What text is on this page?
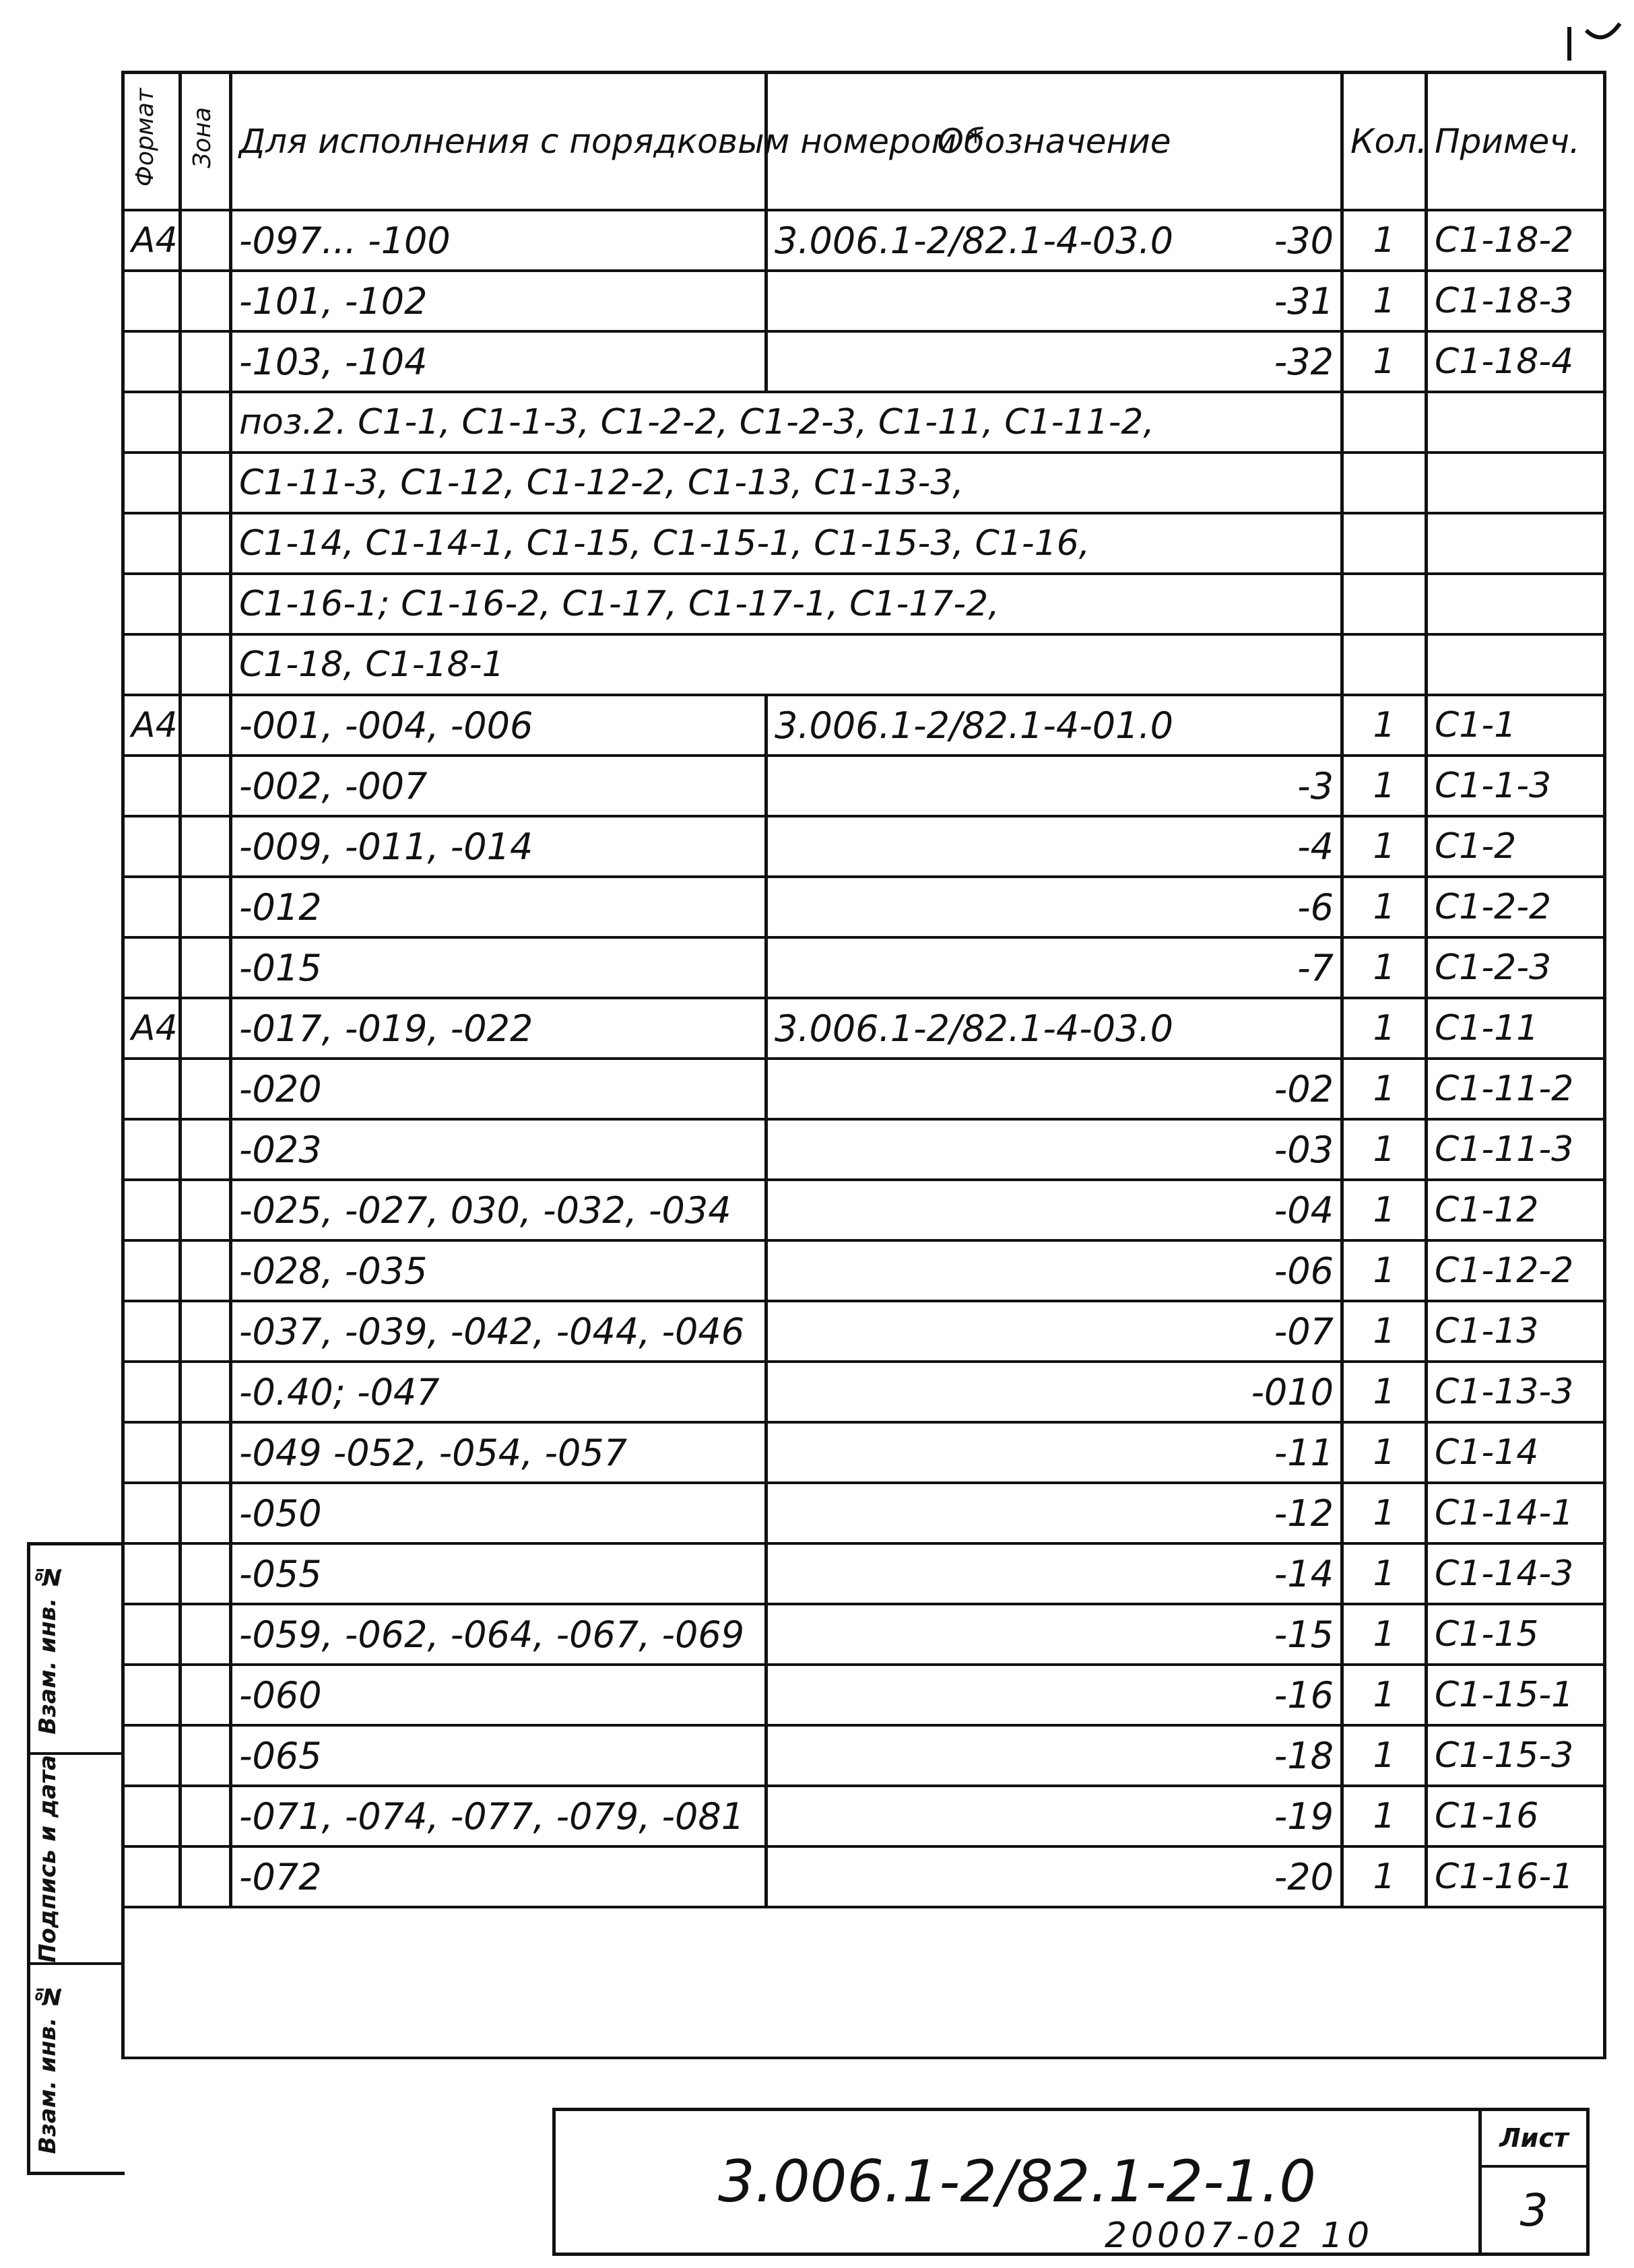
Формат	Зона	Для исполнения с порядковым номером *	Обозначение	Кол.	Примеч.
А4		-097... -100	3.006.1-2/82.1-4-03.0 -30	1	С1-18-2
		-101, -102	-31	1	С1-18-3
		-103, -104	-32	1	С1-18-4
		поз.2. С1-1, С1-1-3, С1-2-2, С1-2-3, С1-11, С1-11-2,			
		С1-11-3, С1-12, С1-12-2, С1-13, С1-13-3,			
		С1-14, С1-14-1, С1-15, С1-15-1, С1-15-3, С1-16,			
		С1-16-1; С1-16-2, С1-17, С1-17-1, С1-17-2,			
		С1-18, С1-18-1			
А4		-001, -004, -006	3.006.1-2/82.1-4-01.0	1	С1-1
		-002, -007	-3	1	С1-1-3
		-009, -011, -014	-4	1	С1-2
		-012	-6	1	С1-2-2
		-015	-7	1	С1-2-3
А4		-017, -019, -022	3.006.1-2/82.1-4-03.0	1	С1-11
		-020	-02	1	С1-11-2
		-023	-03	1	С1-11-3
		-025, -027, 030, -032, -034	-04	1	С1-12
		-028, -035	-06	1	С1-12-2
		-037, -039, -042, -044, -046	-07	1	С1-13
		-0.40; -047	-010	1	С1-13-3
		-049 -052, -054, -057	-11	1	С1-14
		-050	-12	1	С1-14-1
		-055	-14	1	С1-14-3
		-059, -062, -064, -067, -069	-15	1	С1-15
		-060	-16	1	С1-15-1
		-065	-18	1	С1-15-3
		-071, -074, -077, -079, -081	-19	1	С1-16
		-072	-20	1	С1-16-1

Взам. инв. №
Подпись и дата
Взам. инв. №
3.006.1-2/82.1-2-1.0
Лист
3
20007-02 10
